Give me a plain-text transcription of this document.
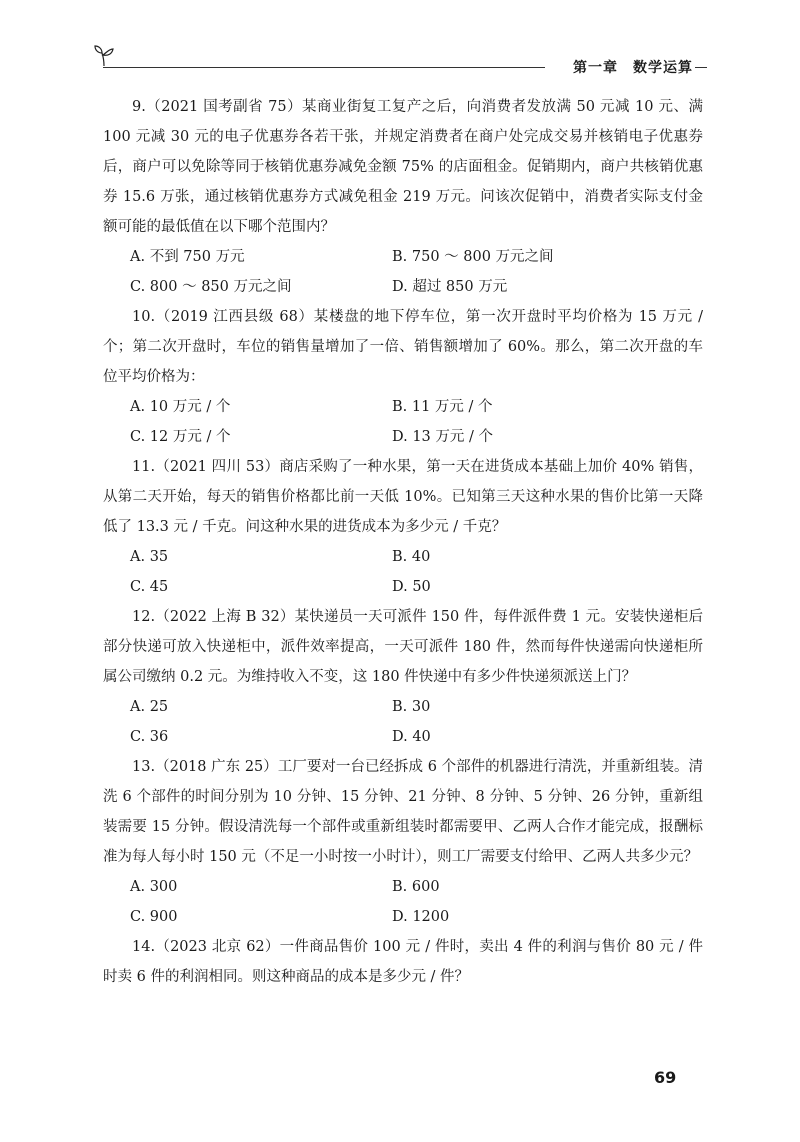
第一章　数学运算

9.（2021 国考副省 75）某商业街复工复产之后，向消费者发放满 50 元减 10 元、满 100 元减 30 元的电子优惠券各若干张，并规定消费者在商户处完成交易并核销电子优惠券后，商户可以免除等同于核销优惠券减免金额 75% 的店面租金。促销期内，商户共核销优惠券 15.6 万张，通过核销优惠券方式减免租金 219 万元。问该次促销中，消费者实际支付金额可能的最低值在以下哪个范围内？

A. 不到 750 万元	B. 750 ～ 800 万元之间
C. 800 ～ 850 万元之间	D. 超过 850 万元

10.（2019 江西县级 68）某楼盘的地下停车位，第一次开盘时平均价格为 15 万元 / 个；第二次开盘时，车位的销售量增加了一倍、销售额增加了 60%。那么，第二次开盘的车位平均价格为：

A. 10 万元 / 个	B. 11 万元 / 个
C. 12 万元 / 个	D. 13 万元 / 个

11.（2021 四川 53）商店采购了一种水果，第一天在进货成本基础上加价 40% 销售，从第二天开始，每天的销售价格都比前一天低 10%。已知第三天这种水果的售价比第一天降低了 13.3 元 / 千克。问这种水果的进货成本为多少元 / 千克？

A. 35	B. 40
C. 45	D. 50

12.（2022 上海 B 32）某快递员一天可派件 150 件，每件派件费 1 元。安装快递柜后部分快递可放入快递柜中，派件效率提高，一天可派件 180 件，然而每件快递需向快递柜所属公司缴纳 0.2 元。为维持收入不变，这 180 件快递中有多少件快递须派送上门？

A. 25	B. 30
C. 36	D. 40

13.（2018 广东 25）工厂要对一台已经拆成 6 个部件的机器进行清洗，并重新组装。清洗 6 个部件的时间分别为 10 分钟、15 分钟、21 分钟、8 分钟、5 分钟、26 分钟，重新组装需要 15 分钟。假设清洗每一个部件或重新组装时都需要甲、乙两人合作才能完成，报酬标准为每人每小时 150 元（不足一小时按一小时计），则工厂需要支付给甲、乙两人共多少元？

A. 300	B. 600
C. 900	D. 1200

14.（2023 北京 62）一件商品售价 100 元 / 件时，卖出 4 件的利润与售价 80 元 / 件时卖 6 件的利润相同。则这种商品的成本是多少元 / 件？

69
